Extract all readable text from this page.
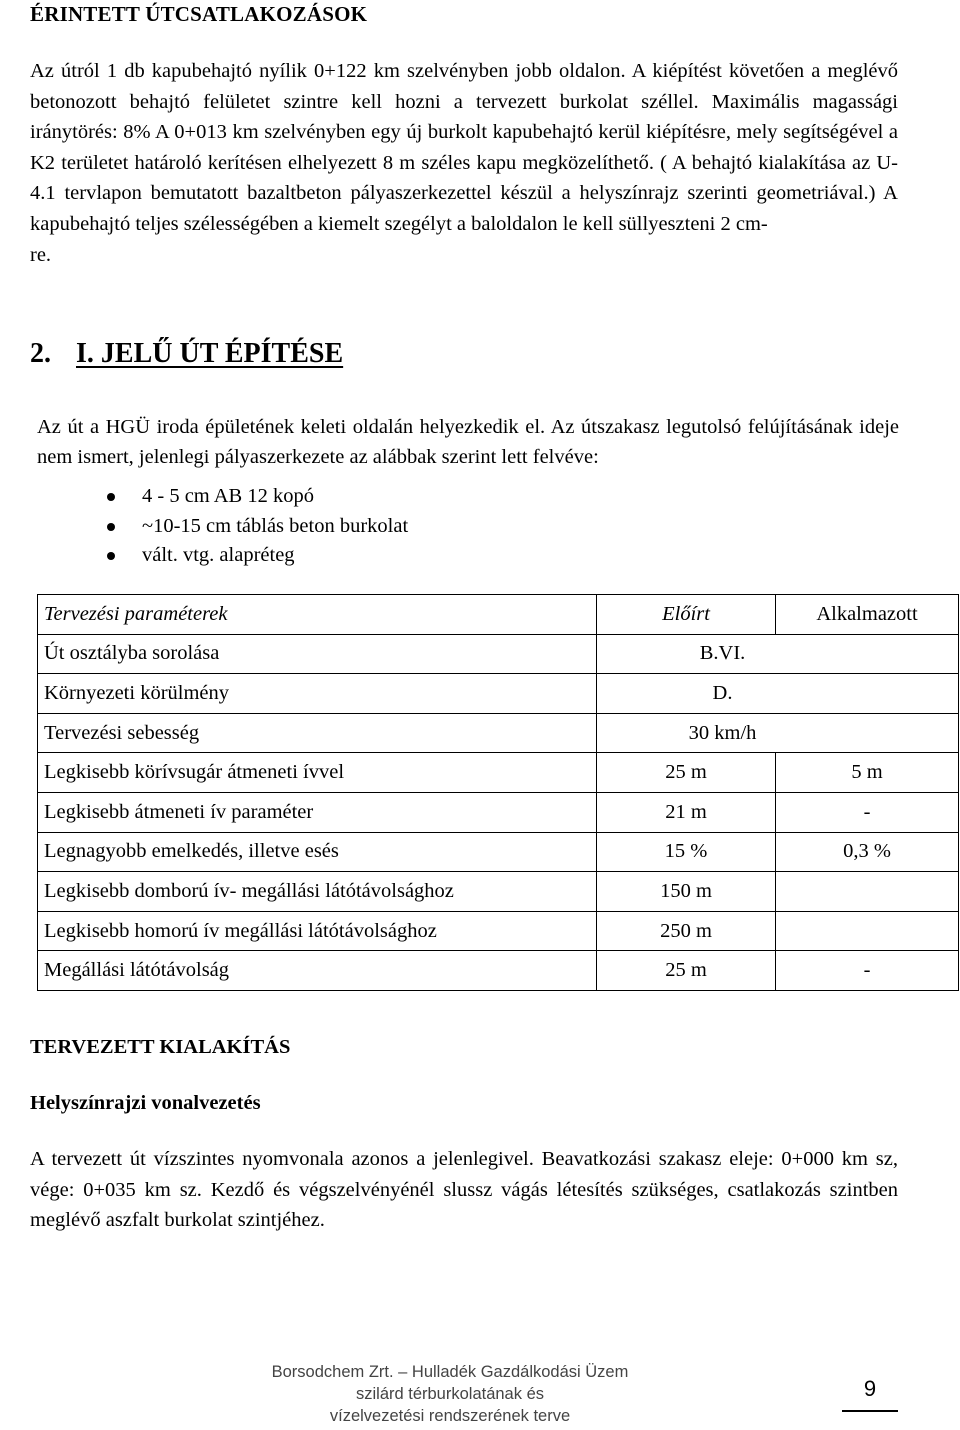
ÉRINTETT ÚTCSATLAKOZÁSOK

Az útról 1 db kapubehajtó nyílik 0+122 km szelvényben jobb oldalon. A kiépítést követően a meglévő betonozott behajtó felületet szintre kell hozni a tervezett burkolat széllel. Maximális magassági iránytörés: 8% A 0+013 km szelvényben egy új burkolt kapubehajtó kerül kiépítésre, mely segítségével a K2 területet határoló kerítésen elhelyezett 8 m széles kapu megközelíthető. ( A behajtó kialakítása az U-4.1 tervlapon bemutatott bazaltbeton pályaszerkezettel készül a helyszínrajz szerinti geometriával.) A kapubehajtó teljes szélességében a kiemelt szegélyt a baloldalon le kell süllyeszteni 2 cm-
re.

2. I. JELŰ ÚT ÉPÍTÉSE

Az út a HGÜ iroda épületének keleti oldalán helyezkedik el. Az útszakasz legutolsó felújításának ideje nem ismert, jelenlegi pályaszerkezete az alábbak szerint lett felvéve:

4 - 5 cm AB 12 kopó
~10-15 cm táblás beton burkolat
vált. vtg. alapréteg
Tervezési paraméterek	Előírt	Alkalmazott
Út osztályba sorolása	B.VI.	
Környezeti körülmény	D.	
Tervezési sebesség	30 km/h	
Legkisebb körívsugár átmeneti ívvel	25 m	5 m
Legkisebb átmeneti ív paraméter	21 m	-
Legnagyobb emelkedés, illetve esés	15 %	0,3 %
Legkisebb domború ív- megállási látótávolsághoz	150 m	
Legkisebb homorú ív megállási látótávolsághoz	250 m	
Megállási látótávolság	25 m	-
TERVEZETT KIALAKÍTÁS
Helyszínrajzi vonalvezetés

A tervezett út vízszintes nyomvonala azonos a jelenlegivel. Beavatkozási szakasz eleje: 0+000 km sz, vége: 0+035 km sz. Kezdő és végszelvényénél slussz vágás létesítés szükséges, csatlakozás szintben meglévő aszfalt burkolat szintjéhez.

Borsodchem Zrt. – Hulladék Gazdálkodási Üzem
szilárd térburkolatának és
vízelvezetési rendszerének terve
9
